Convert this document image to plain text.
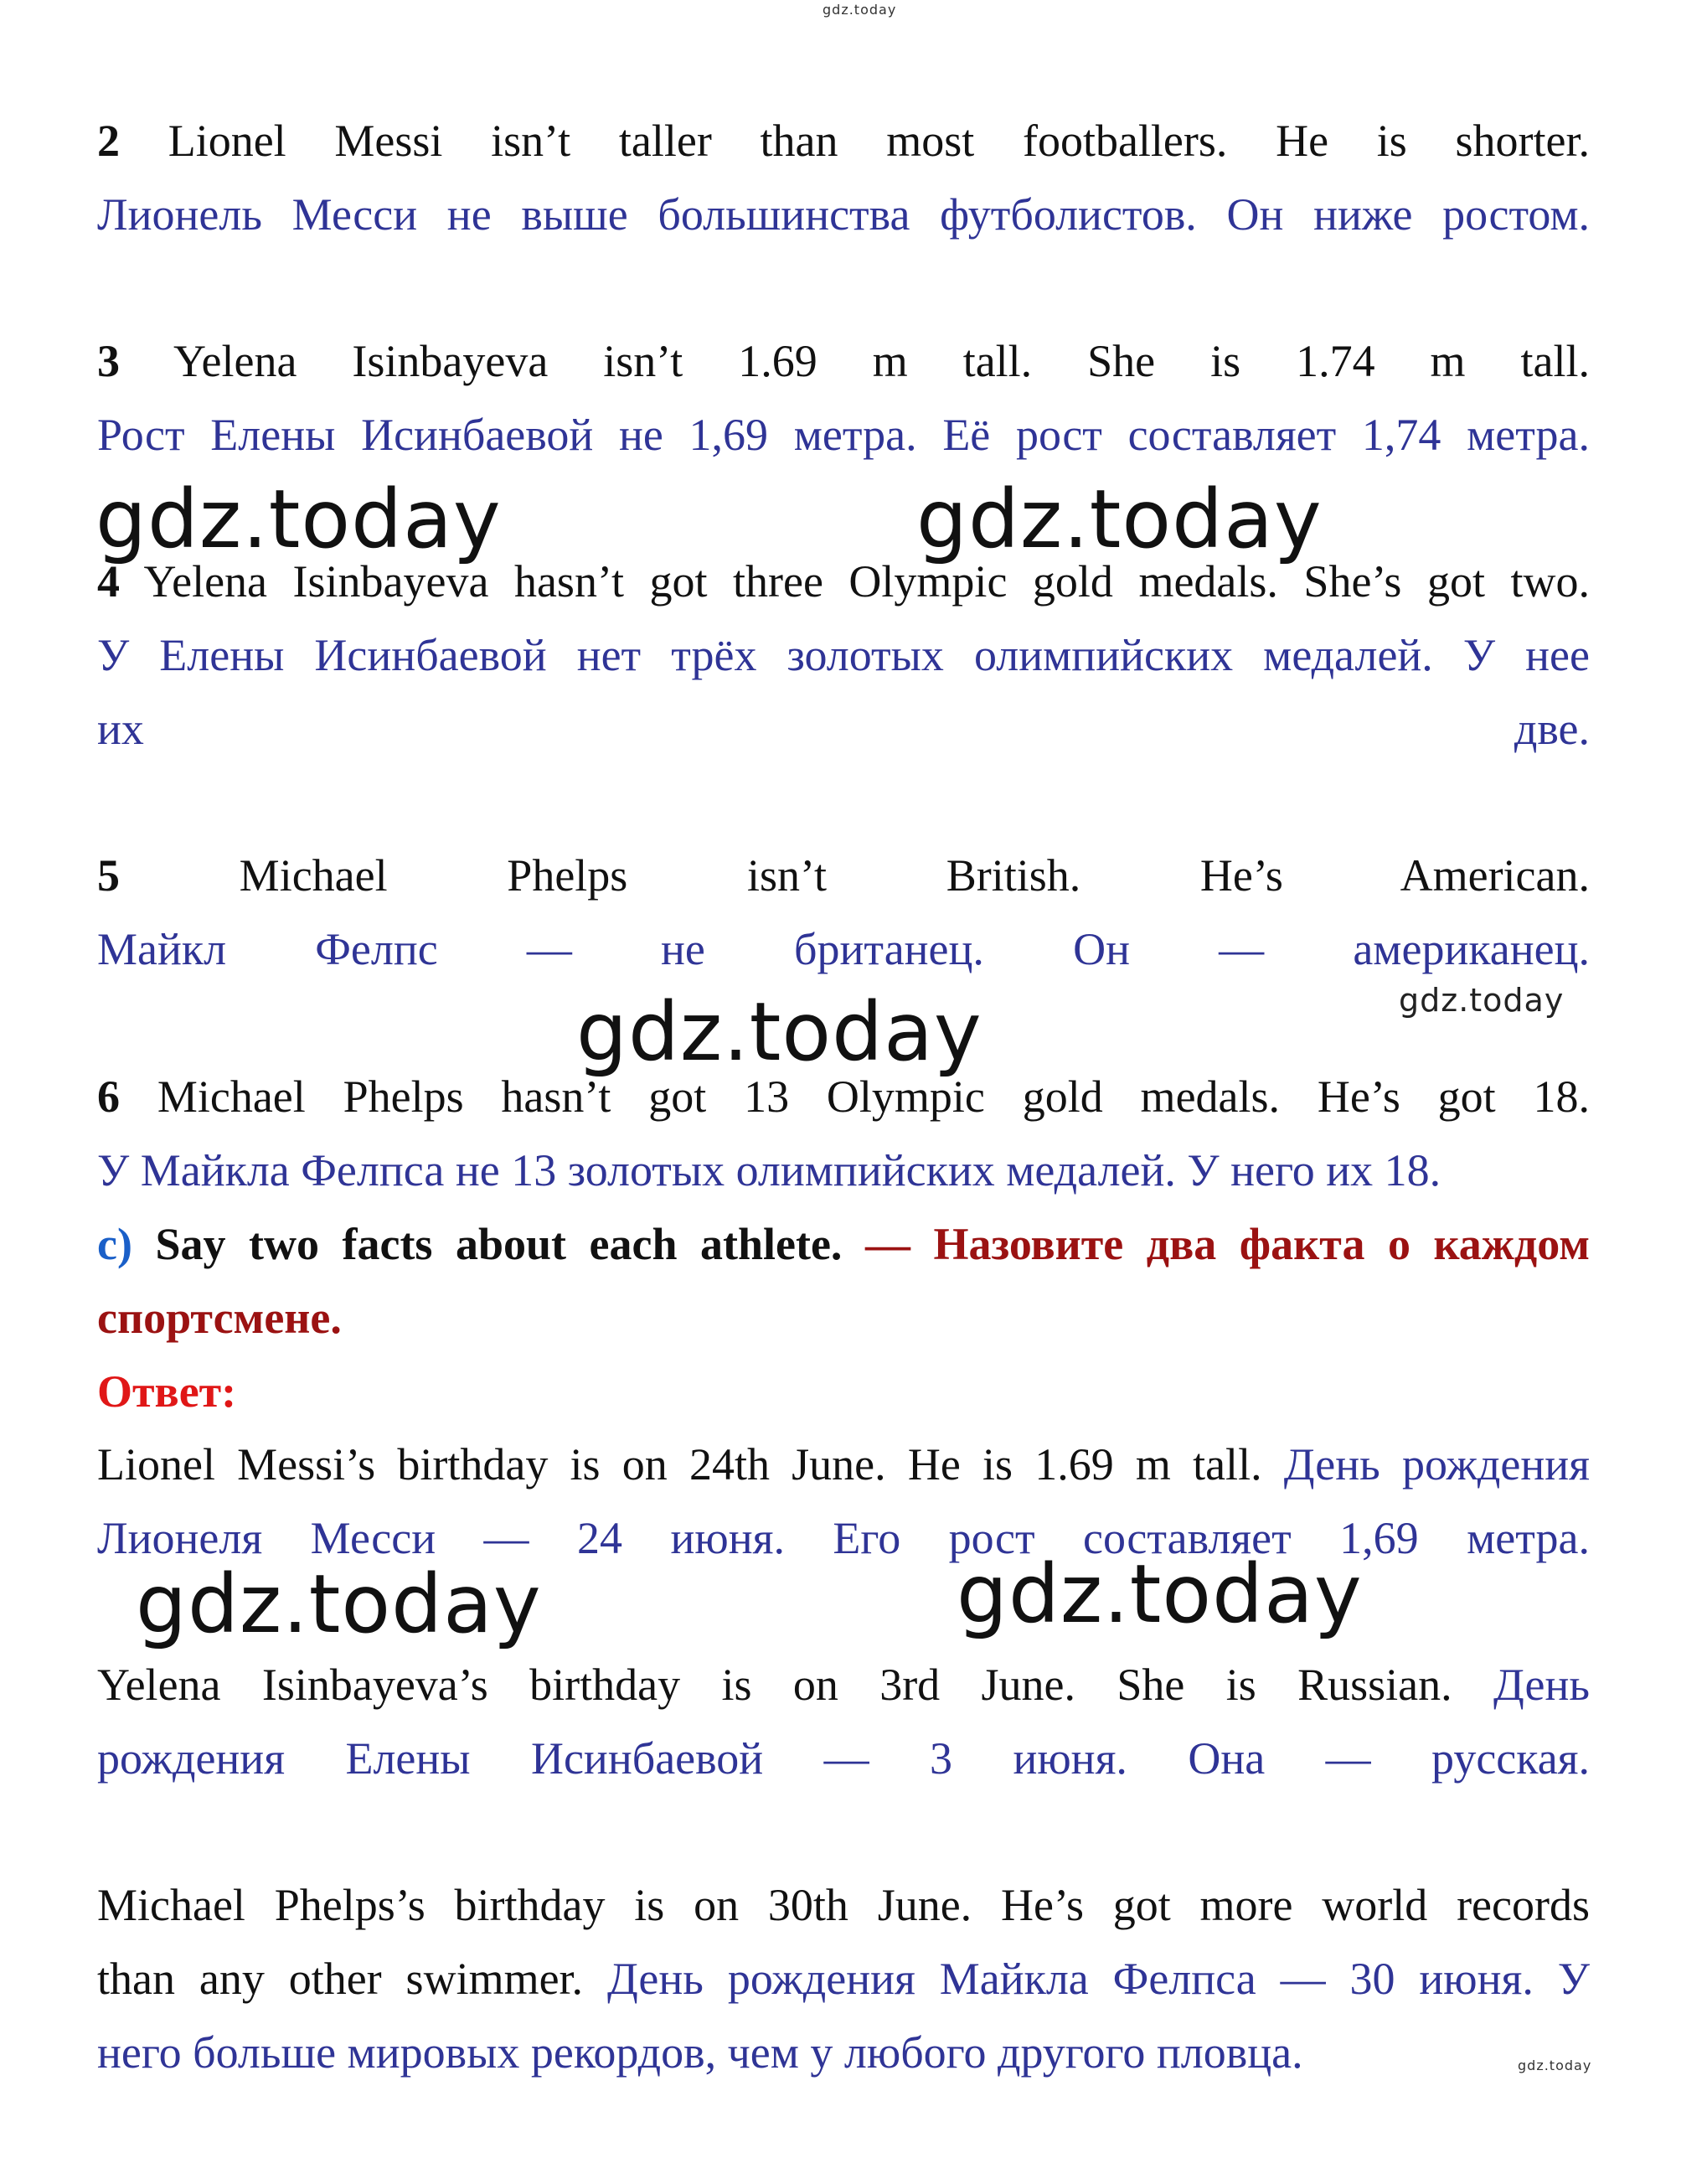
gdz.today
2 Lionel Messi isn’t taller than most footballers. He is shorter.
Лионель Месси не выше большинства футболистов. Он ниже ростом.
3 Yelena Isinbayeva isn’t 1.69 m tall. She is 1.74 m tall.
Рост Елены Исинбаевой не 1,69 метра. Её рост составляет 1,74 метра.
gdz.today	gdz.today
4 Yelena Isinbayeva hasn’t got three Olympic gold medals. She’s got two.
У Елены Исинбаевой нет трёх золотых олимпийских медалей. У нее
их две.
5 Michael Phelps isn’t British. He’s American.
Майкл Фелпс — не британец. Он — американец.
gdz.today
gdz.today
6 Michael Phelps hasn’t got 13 Olympic gold medals. He’s got 18.
У Майкла Фелпса не 13 золотых олимпийских медалей. У него их 18.
c) Say two facts about each athlete. — Назовите два факта о каждом
спортсмене.
Ответ:
Lionel Messi’s birthday is on 24th June. He is 1.69 m tall. День рождения
Лионеля Месси — 24 июня. Его рост составляет 1,69 метра.
gdz.today	gdz.today
Yelena Isinbayeva’s birthday is on 3rd June. She is Russian. День
рождения Елены Исинбаевой — 3 июня. Она — русская.
Michael Phelps’s birthday is on 30th June. He’s got more world records
than any other swimmer. День рождения Майкла Фелпса — 30 июня. У
него больше мировых рекордов, чем у любого другого пловца.	gdz.today
